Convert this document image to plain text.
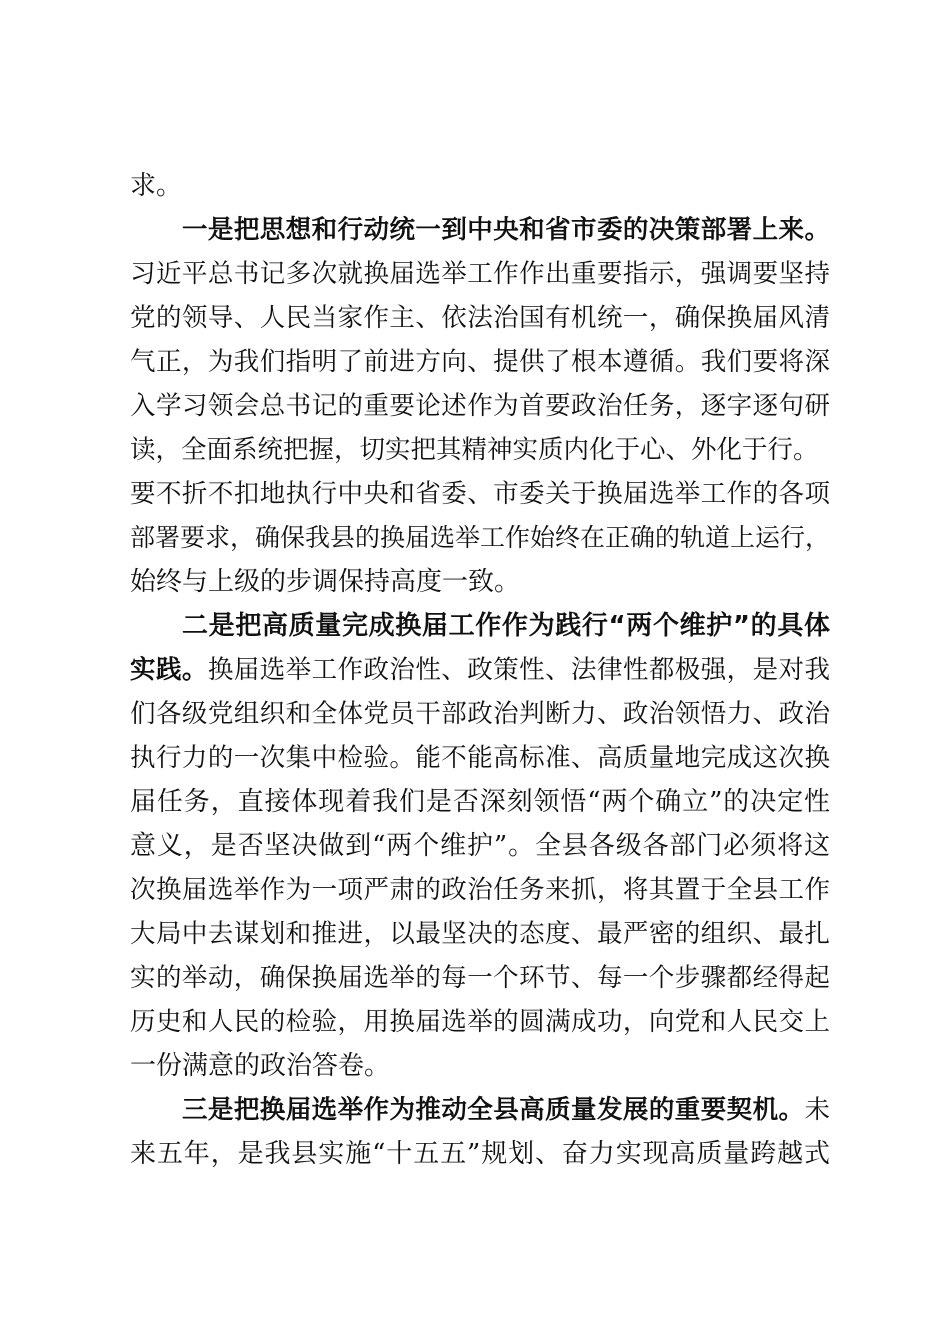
求。

一是把思想和行动统一到中央和省市委的决策部署上来。

习近平总书记多次就换届选举工作作出重要指示，强调要坚持

党的领导、人民当家作主、依法治国有机统一，确保换届风清

气正，为我们指明了前进方向、提供了根本遵循。我们要将深

入学习领会总书记的重要论述作为首要政治任务，逐字逐句研

读，全面系统把握，切实把其精神实质内化于心、外化于行。

要不折不扣地执行中央和省委、市委关于换届选举工作的各项

部署要求，确保我县的换届选举工作始终在正确的轨道上运行，

始终与上级的步调保持高度一致。

二是把高质量完成换届工作作为践行“两个维护”的具体

实践。换届选举工作政治性、政策性、法律性都极强，是对我

们各级党组织和全体党员干部政治判断力、政治领悟力、政治

执行力的一次集中检验。能不能高标准、高质量地完成这次换

届任务，直接体现着我们是否深刻领悟“两个确立”的决定性

意义，是否坚决做到“两个维护”。全县各级各部门必须将这

次换届选举作为一项严肃的政治任务来抓，将其置于全县工作

大局中去谋划和推进，以最坚决的态度、最严密的组织、最扎

实的举动，确保换届选举的每一个环节、每一个步骤都经得起

历史和人民的检验，用换届选举的圆满成功，向党和人民交上

一份满意的政治答卷。

三是把换届选举作为推动全县高质量发展的重要契机。未

来五年，是我县实施“十五五”规划、奋力实现高质量跨越式
